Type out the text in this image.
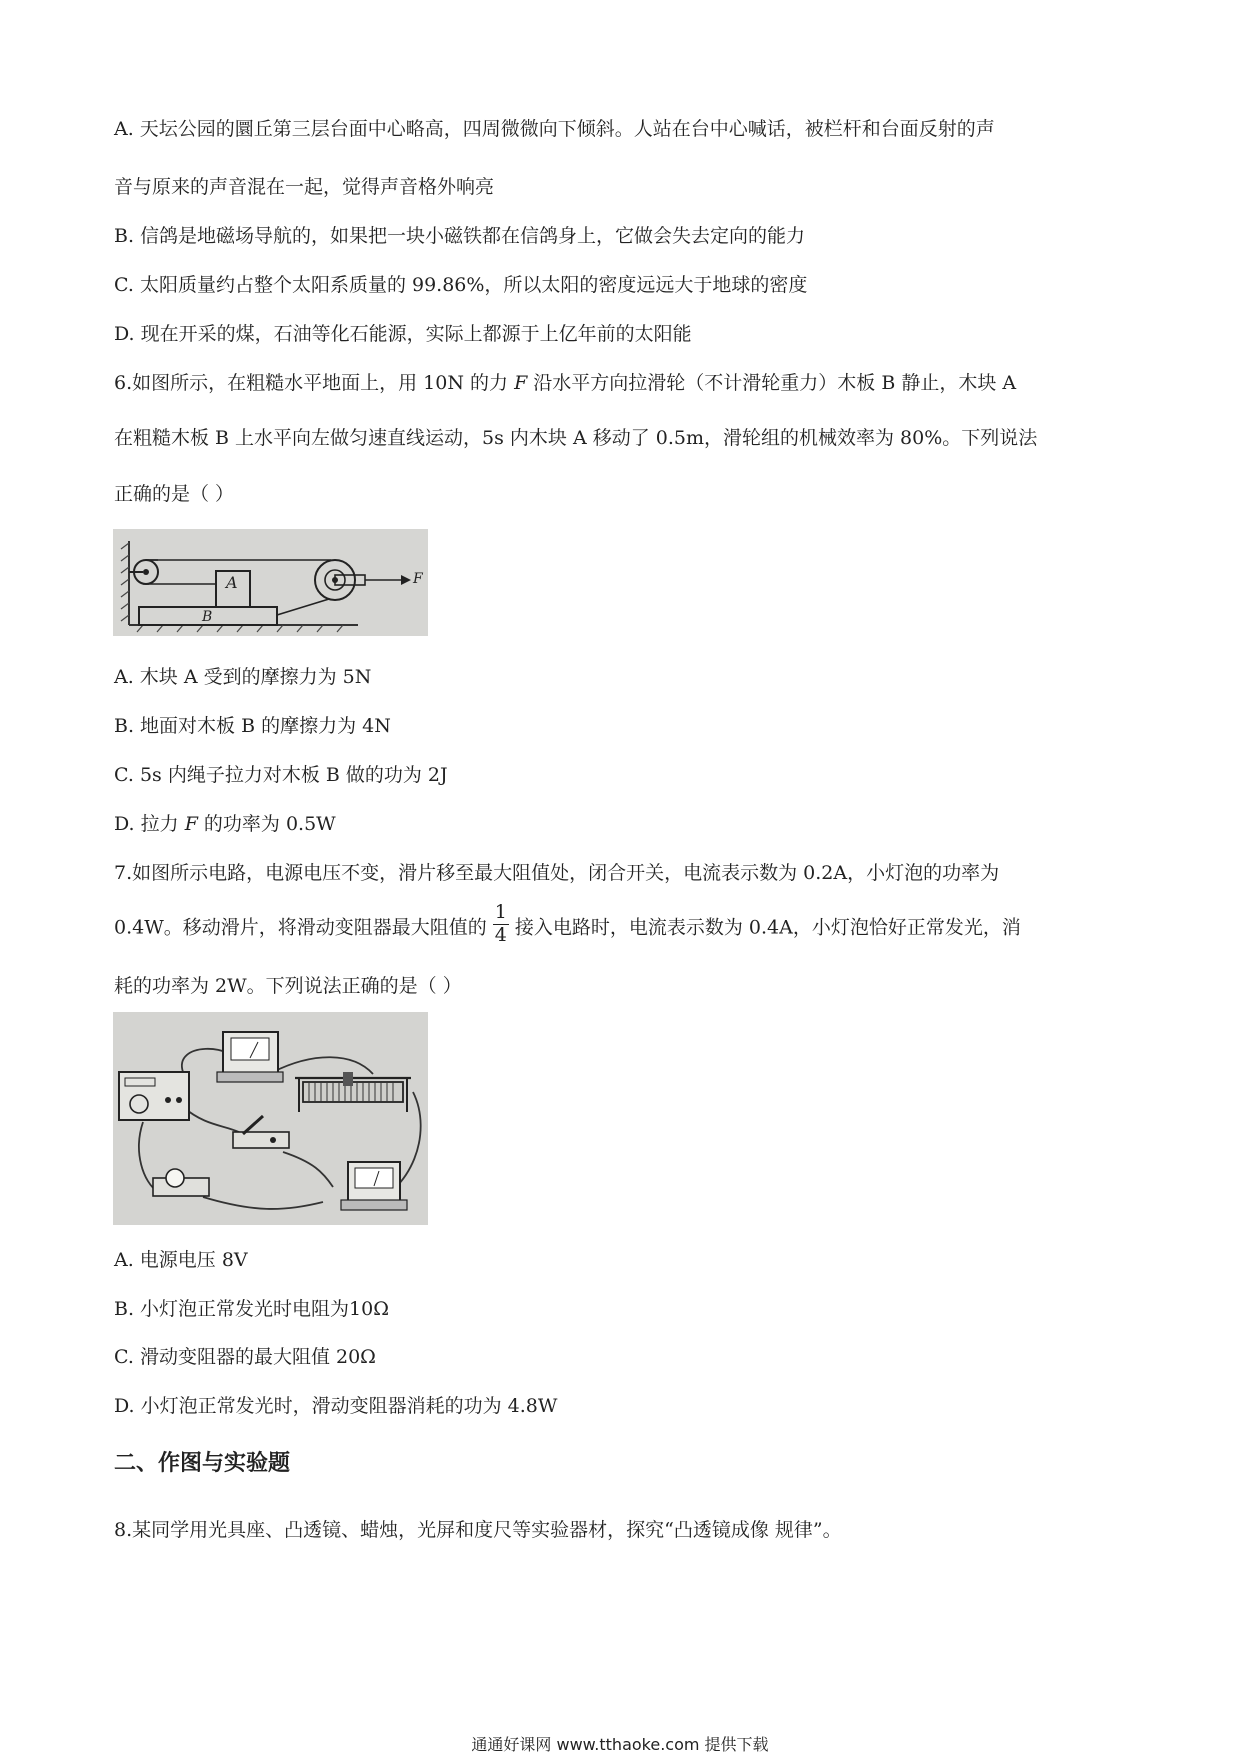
A. 天坛公园的圜丘第三层台面中心略高，四周微微向下倾斜。人站在台中心喊话，被栏杆和台面反射的声
音与原来的声音混在一起，觉得声音格外响亮
B. 信鸽是地磁场导航的，如果把一块小磁铁都在信鸽身上，它做会失去定向的能力
C. 太阳质量约占整个太阳系质量的 99.86%，所以太阳的密度远远大于地球的密度
D. 现在开采的煤，石油等化石能源，实际上都源于上亿年前的太阳能
6.如图所示，在粗糙水平地面上，用 10N 的力 F 沿水平方向拉滑轮（不计滑轮重力）木板 B 静止，木块 A
在粗糙木板 B 上水平向左做匀速直线运动，5s 内木块 A 移动了 0.5m，滑轮组的机械效率为 80%。下列说法
正确的是（ ）
A
B
F
A. 木块 A 受到的摩擦力为 5N
B. 地面对木板 B 的摩擦力为 4N
C. 5s 内绳子拉力对木板 B 做的功为 2J
D. 拉力 F 的功率为 0.5W
7.如图所示电路，电源电压不变，滑片移至最大阻值处，闭合开关，电流表示数为 0.2A，小灯泡的功率为
0.4W。移动滑片，将滑动变阻器最大阻值的 $\frac{1}{4}$ 接入电路时，电流表示数为 0.4A，小灯泡恰好正常发光，消
耗的功率为 2W。下列说法正确的是（ ）
A. 电源电压 8V
B. 小灯泡正常发光时电阻为10Ω
C. 滑动变阻器的最大阻值 20Ω
D. 小灯泡正常发光时，滑动变阻器消耗的功为 4.8W
二、作图与实验题
8.某同学用光具座、凸透镜、蜡烛，光屏和度尺等实验器材，探究“凸透镜成像 规律”。
通通好课网 www.tthaoke.com 提供下载
